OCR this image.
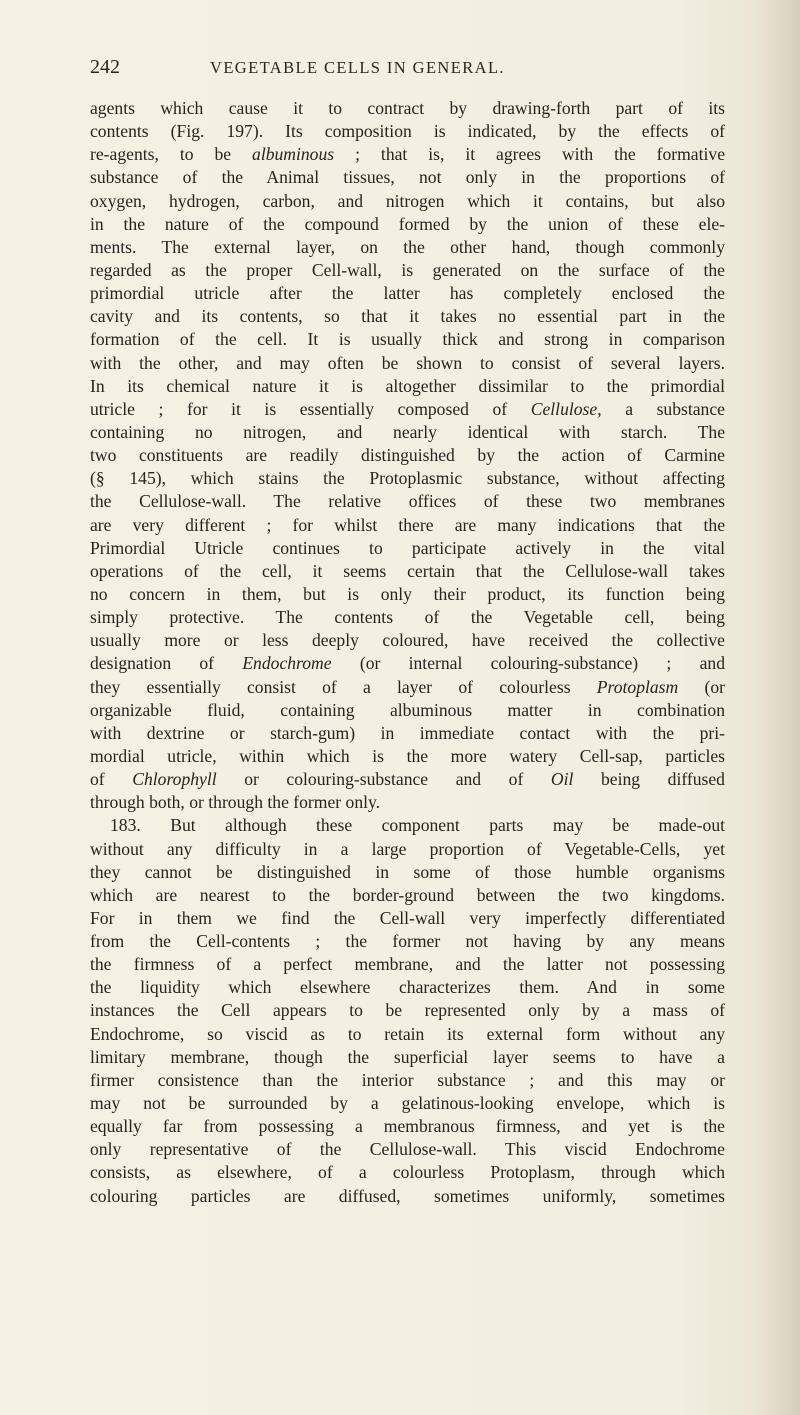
242	VEGETABLE CELLS IN GENERAL.
agents which cause it to contract by drawing-forth part of its
contents (Fig. 197). Its composition is indicated, by the effects of
re-agents, to be albuminous ; that is, it agrees with the formative
substance of the Animal tissues, not only in the proportions of
oxygen, hydrogen, carbon, and nitrogen which it contains, but also
in the nature of the compound formed by the union of these ele-
ments. The external layer, on the other hand, though commonly
regarded as the proper Cell-wall, is generated on the surface of the
primordial utricle after the latter has completely enclosed the
cavity and its contents, so that it takes no essential part in the
formation of the cell. It is usually thick and strong in comparison
with the other, and may often be shown to consist of several layers.
In its chemical nature it is altogether dissimilar to the primordial
utricle ; for it is essentially composed of Cellulose, a substance
containing no nitrogen, and nearly identical with starch. The
two constituents are readily distinguished by the action of Carmine
(§ 145), which stains the Protoplasmic substance, without affecting
the Cellulose-wall. The relative offices of these two membranes
are very different ; for whilst there are many indications that the
Primordial Utricle continues to participate actively in the vital
operations of the cell, it seems certain that the Cellulose-wall takes
no concern in them, but is only their product, its function being
simply protective. The contents of the Vegetable cell, being
usually more or less deeply coloured, have received the collective
designation of Endochrome (or internal colouring-substance) ; and
they essentially consist of a layer of colourless Protoplasm (or
organizable fluid, containing albuminous matter in combination
with dextrine or starch-gum) in immediate contact with the pri-
mordial utricle, within which is the more watery Cell-sap, particles
of Chlorophyll or colouring-substance and of Oil being diffused
through both, or through the former only.
183. But although these component parts may be made-out
without any difficulty in a large proportion of Vegetable-Cells, yet
they cannot be distinguished in some of those humble organisms
which are nearest to the border-ground between the two kingdoms.
For in them we find the Cell-wall very imperfectly differentiated
from the Cell-contents ; the former not having by any means
the firmness of a perfect membrane, and the latter not possessing
the liquidity which elsewhere characterizes them. And in some
instances the Cell appears to be represented only by a mass of
Endochrome, so viscid as to retain its external form without any
limitary membrane, though the superficial layer seems to have a
firmer consistence than the interior substance ; and this may or
may not be surrounded by a gelatinous-looking envelope, which is
equally far from possessing a membranous firmness, and yet is the
only representative of the Cellulose-wall. This viscid Endochrome
consists, as elsewhere, of a colourless Protoplasm, through which
colouring particles are diffused, sometimes uniformly, sometimes
